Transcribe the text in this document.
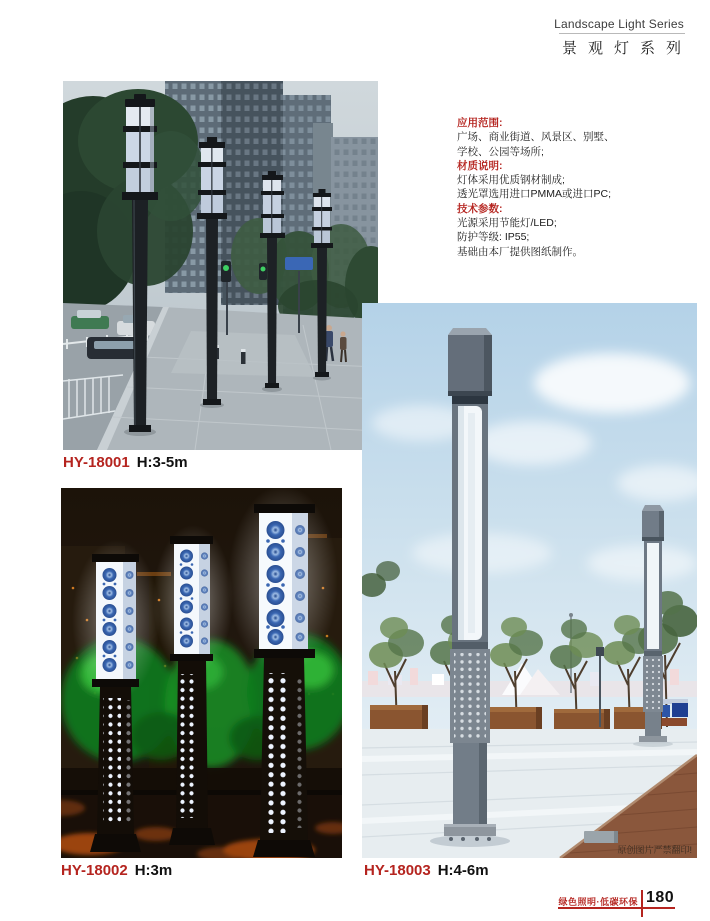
Landscape Light Series
景观灯系列
应用范围:
广场、商业街道、风景区、别墅、
学校、公园等场所;
材质说明:
灯体采用优质钢材制成;
透光罩选用进口PMMA或进口PC;
技术参数:
光源采用节能灯/LED;
防护等级: IP55;
基础由本厂提供图纸制作。
HY-18001 H:3-5m
原创图片严禁翻印!
HY-18002 H:3m	HY-18003 H:4-6m
绿色照明·低碳环保 180
